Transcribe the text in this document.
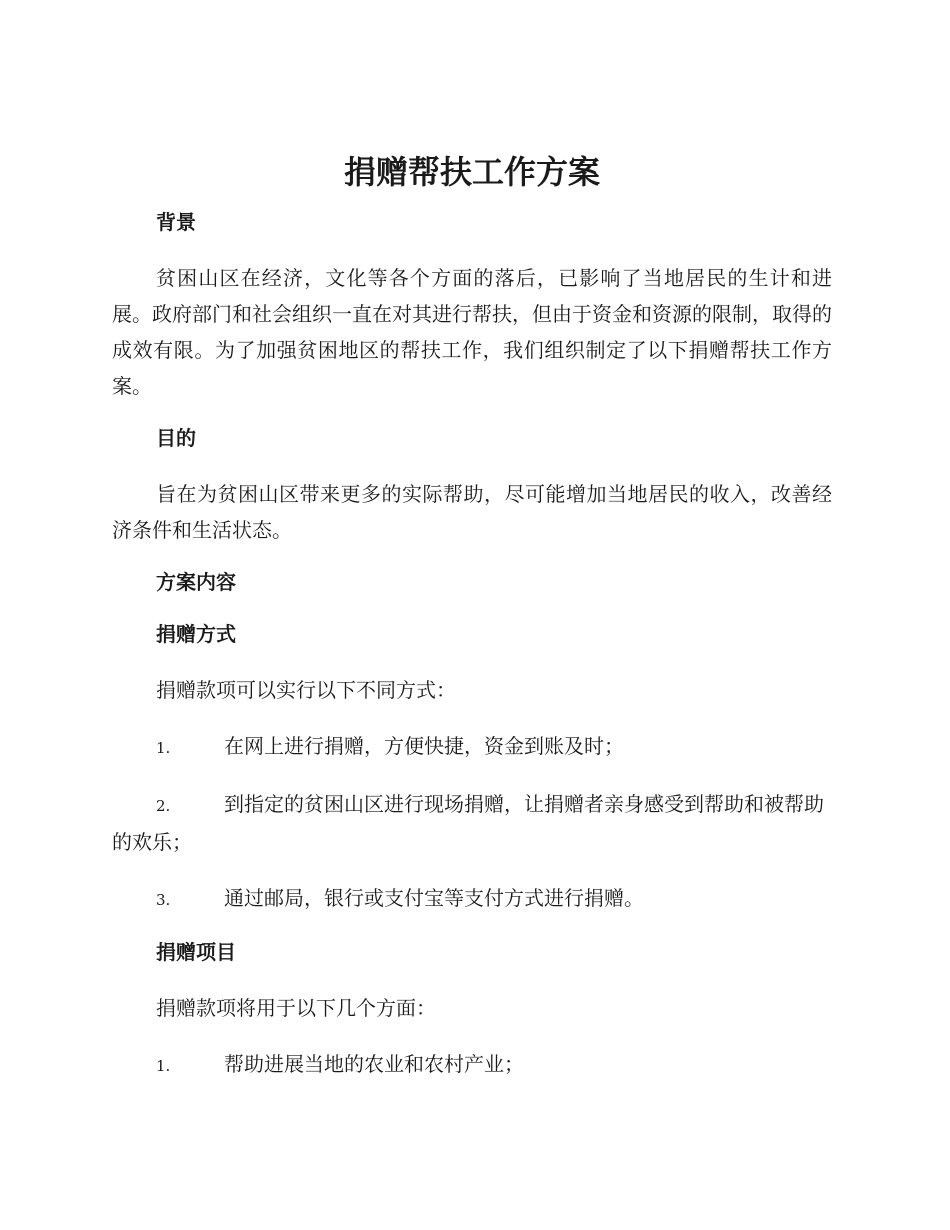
捐赠帮扶工作方案
背景

贫困山区在经济，文化等各个方面的落后，已影响了当地居民的生计和进展。政府部门和社会组织一直在对其进行帮扶，但由于资金和资源的限制，取得的成效有限。为了加强贫困地区的帮扶工作，我们组织制定了以下捐赠帮扶工作方案。

目的

旨在为贫困山区带来更多的实际帮助，尽可能增加当地居民的收入，改善经济条件和生活状态。

方案内容
捐赠方式

捐赠款项可以实行以下不同方式：

1.	在网上进行捐赠，方便快捷，资金到账及时；

2.	到指定的贫困山区进行现场捐赠，让捐赠者亲身感受到帮助和被帮助的欢乐；

3.	通过邮局，银行或支付宝等支付方式进行捐赠。

捐赠项目

捐赠款项将用于以下几个方面：

1.	帮助进展当地的农业和农村产业；
